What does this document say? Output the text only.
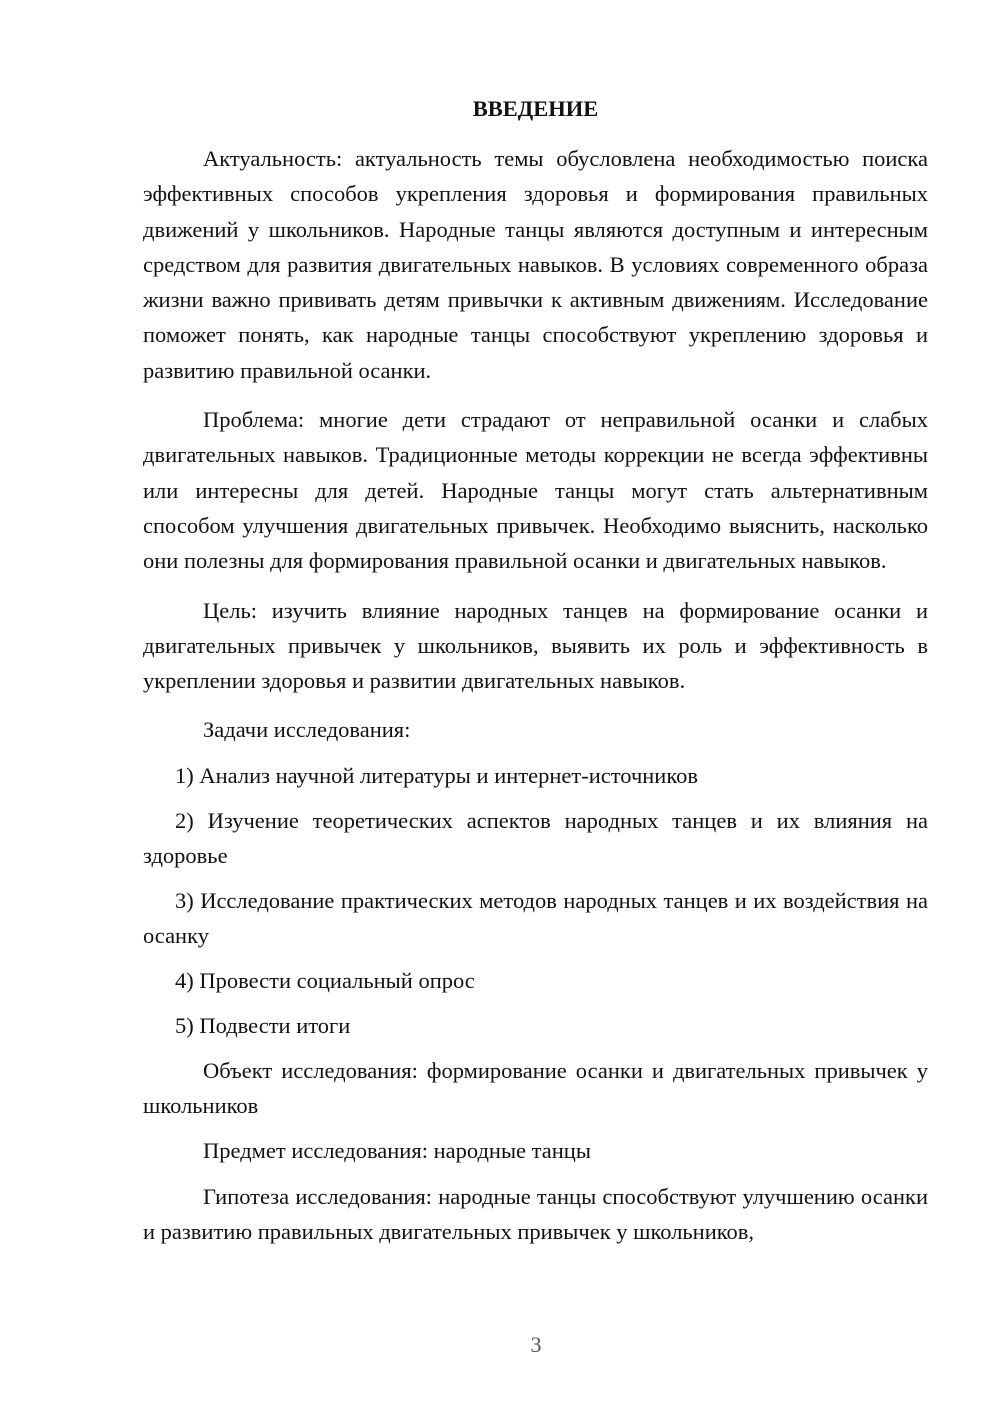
ВВЕДЕНИЕ

Актуальность: актуальность темы обусловлена необходимостью поиска эффективных способов укрепления здоровья и формирования правильных движений у школьников. Народные танцы являются доступным и интересным средством для развития двигательных навыков. В условиях современного образа жизни важно прививать детям привычки к активным движениям. Исследование поможет понять, как народные танцы способствуют укреплению здоровья и развитию правильной осанки.

Проблема: многие дети страдают от неправильной осанки и слабых двигательных навыков. Традиционные методы коррекции не всегда эффективны или интересны для детей. Народные танцы могут стать альтернативным способом улучшения двигательных привычек. Необходимо выяснить, насколько они полезны для формирования правильной осанки и двигательных навыков.

Цель: изучить влияние народных танцев на формирование осанки и двигательных привычек у школьников, выявить их роль и эффективность в укреплении здоровья и развитии двигательных навыков.

Задачи исследования:

1) Анализ научной литературы и интернет-источников

2) Изучение теоретических аспектов народных танцев и их влияния на здоровье

3) Исследование практических методов народных танцев и их воздействия на осанку

4) Провести социальный опрос

5) Подвести итоги

Объект исследования: формирование осанки и двигательных привычек у школьников

Предмет исследования: народные танцы

Гипотеза исследования: народные танцы способствуют улучшению осанки и развитию правильных двигательных привычек у школьников,

3
